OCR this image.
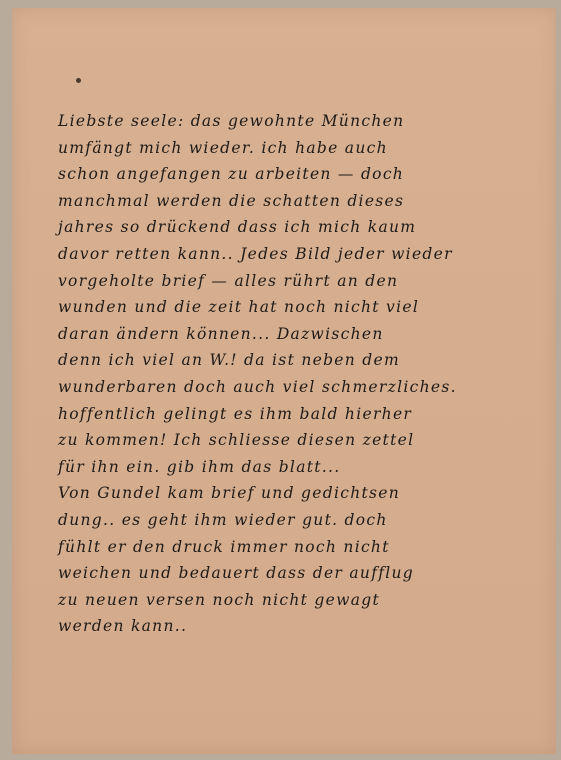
Liebste seele: das gewohnte München
umfängt mich wieder. ich habe auch
schon angefangen zu arbeiten — doch
manchmal werden die schatten dieses
jahres so drückend dass ich mich kaum
davor retten kann.. Jedes Bild jeder wieder
vorgeholte brief — alles rührt an den
wunden und die zeit hat noch nicht viel
daran ändern können... Dazwischen
denn ich viel an W.! da ist neben dem
wunderbaren doch auch viel schmerzliches.
hoffentlich gelingt es ihm bald hierher
zu kommen! Ich schliesse diesen zettel
für ihn ein. gib ihm das blatt...
Von Gundel kam brief und gedichtsen
dung.. es geht ihm wieder gut. doch
fühlt er den druck immer noch nicht
weichen und bedauert dass der aufflug
zu neuen versen noch nicht gewagt
werden kann..
